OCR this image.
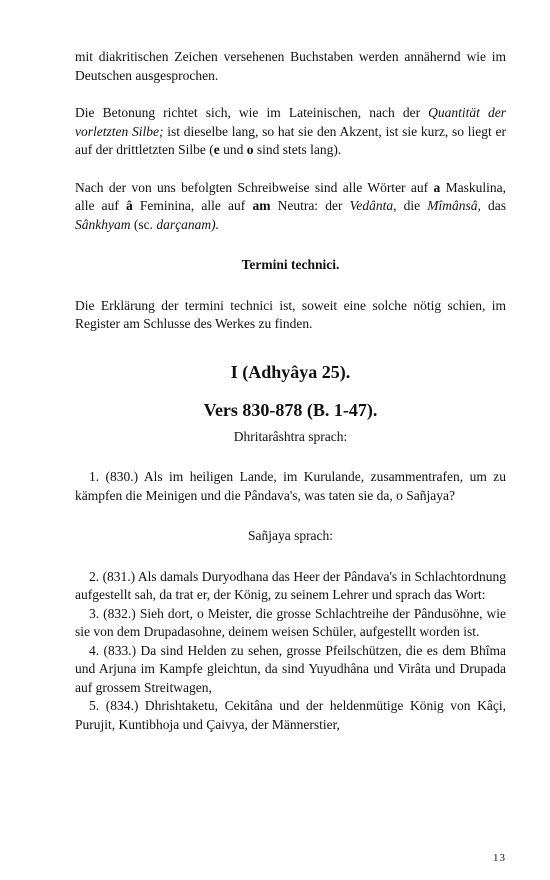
mit diakritischen Zeichen versehenen Buchstaben werden annähernd wie im Deutschen ausgesprochen.

Die Betonung richtet sich, wie im Lateinischen, nach der Quantität der vorletzten Silbe; ist dieselbe lang, so hat sie den Akzent, ist sie kurz, so liegt er auf der drittletzten Silbe (e und o sind stets lang).

Nach der von uns befolgten Schreibweise sind alle Wörter auf a Maskulina, alle auf â Feminina, alle auf am Neutra: der Vedânta, die Mîmânsâ, das Sânkhyam (sc. darçanam).

Termini technici.

Die Erklärung der termini technici ist, soweit eine solche nötig schien, im Register am Schlusse des Werkes zu finden.

I (Adhyâya 25).
Vers 830-878 (B. 1-47).

Dhritarâshtra sprach:

1. (830.) Als im heiligen Lande, im Kurulande, zusammentrafen, um zu kämpfen die Meinigen und die Pândava's, was taten sie da, o Sañjaya?

Sañjaya sprach:

2. (831.) Als damals Duryodhana das Heer der Pândava's in Schlachtordnung aufgestellt sah, da trat er, der König, zu seinem Lehrer und sprach das Wort:

3. (832.) Sieh dort, o Meister, die grosse Schlachtreihe der Pândusöhne, wie sie von dem Drupadasohne, deinem weisen Schüler, aufgestellt worden ist.

4. (833.) Da sind Helden zu sehen, grosse Pfeilschützen, die es dem Bhîma und Arjuna im Kampfe gleichtun, da sind Yuyudhâna und Virâta und Drupada auf grossem Streitwagen,

5. (834.) Dhrishtaketu, Cekitâna und der heldenmütige König von Kâçi, Purujit, Kuntibhoja und Çaivya, der Männerstier,

13
